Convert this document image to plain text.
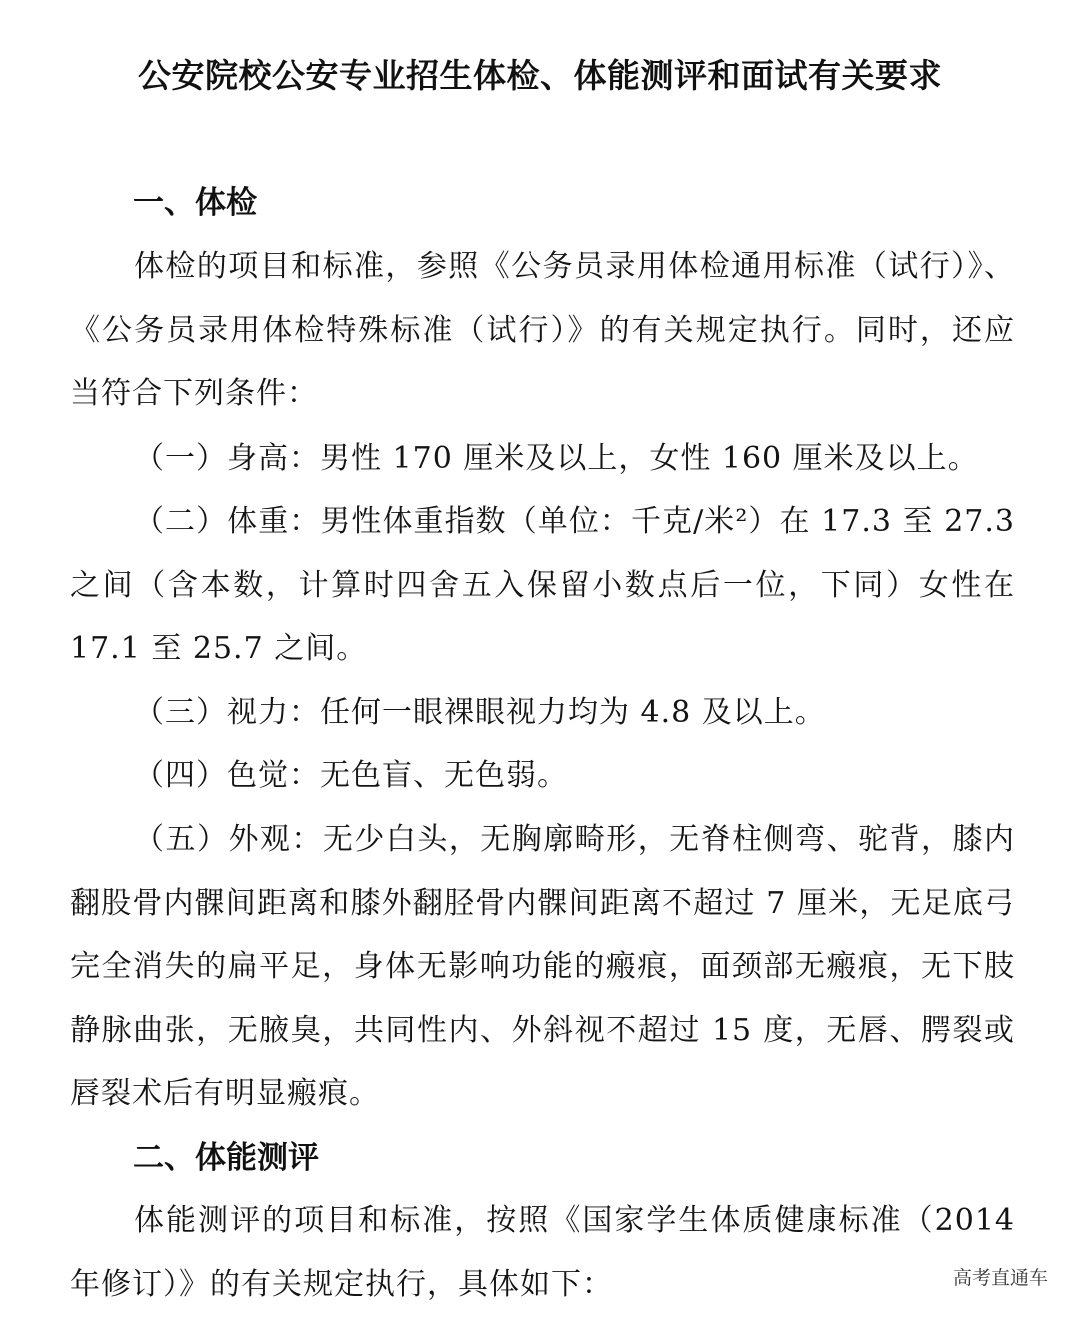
公安院校公安专业招生体检、体能测评和面试有关要求
一、体检

体检的项目和标准，参照《公务员录用体检通用标准（试行）》、《公务员录用体检特殊标准（试行）》的有关规定执行。同时，还应当符合下列条件：

（一）身高：男性 170 厘米及以上，女性 160 厘米及以上。

（二）体重：男性体重指数（单位：千克/米²）在 17.3 至 27.3 之间（含本数，计算时四舍五入保留小数点后一位，下同）女性在 17.1 至 25.7 之间。

（三）视力：任何一眼裸眼视力均为 4.8 及以上。

（四）色觉：无色盲、无色弱。

（五）外观：无少白头，无胸廓畸形，无脊柱侧弯、驼背，膝内翻股骨内髁间距离和膝外翻胫骨内髁间距离不超过 7 厘米，无足底弓完全消失的扁平足，身体无影响功能的瘢痕，面颈部无瘢痕，无下肢静脉曲张，无腋臭，共同性内、外斜视不超过 15 度，无唇、腭裂或唇裂术后有明显瘢痕。

二、体能测评

体能测评的项目和标准，按照《国家学生体质健康标准（2014 年修订）》的有关规定执行，具体如下：	高考直通车
